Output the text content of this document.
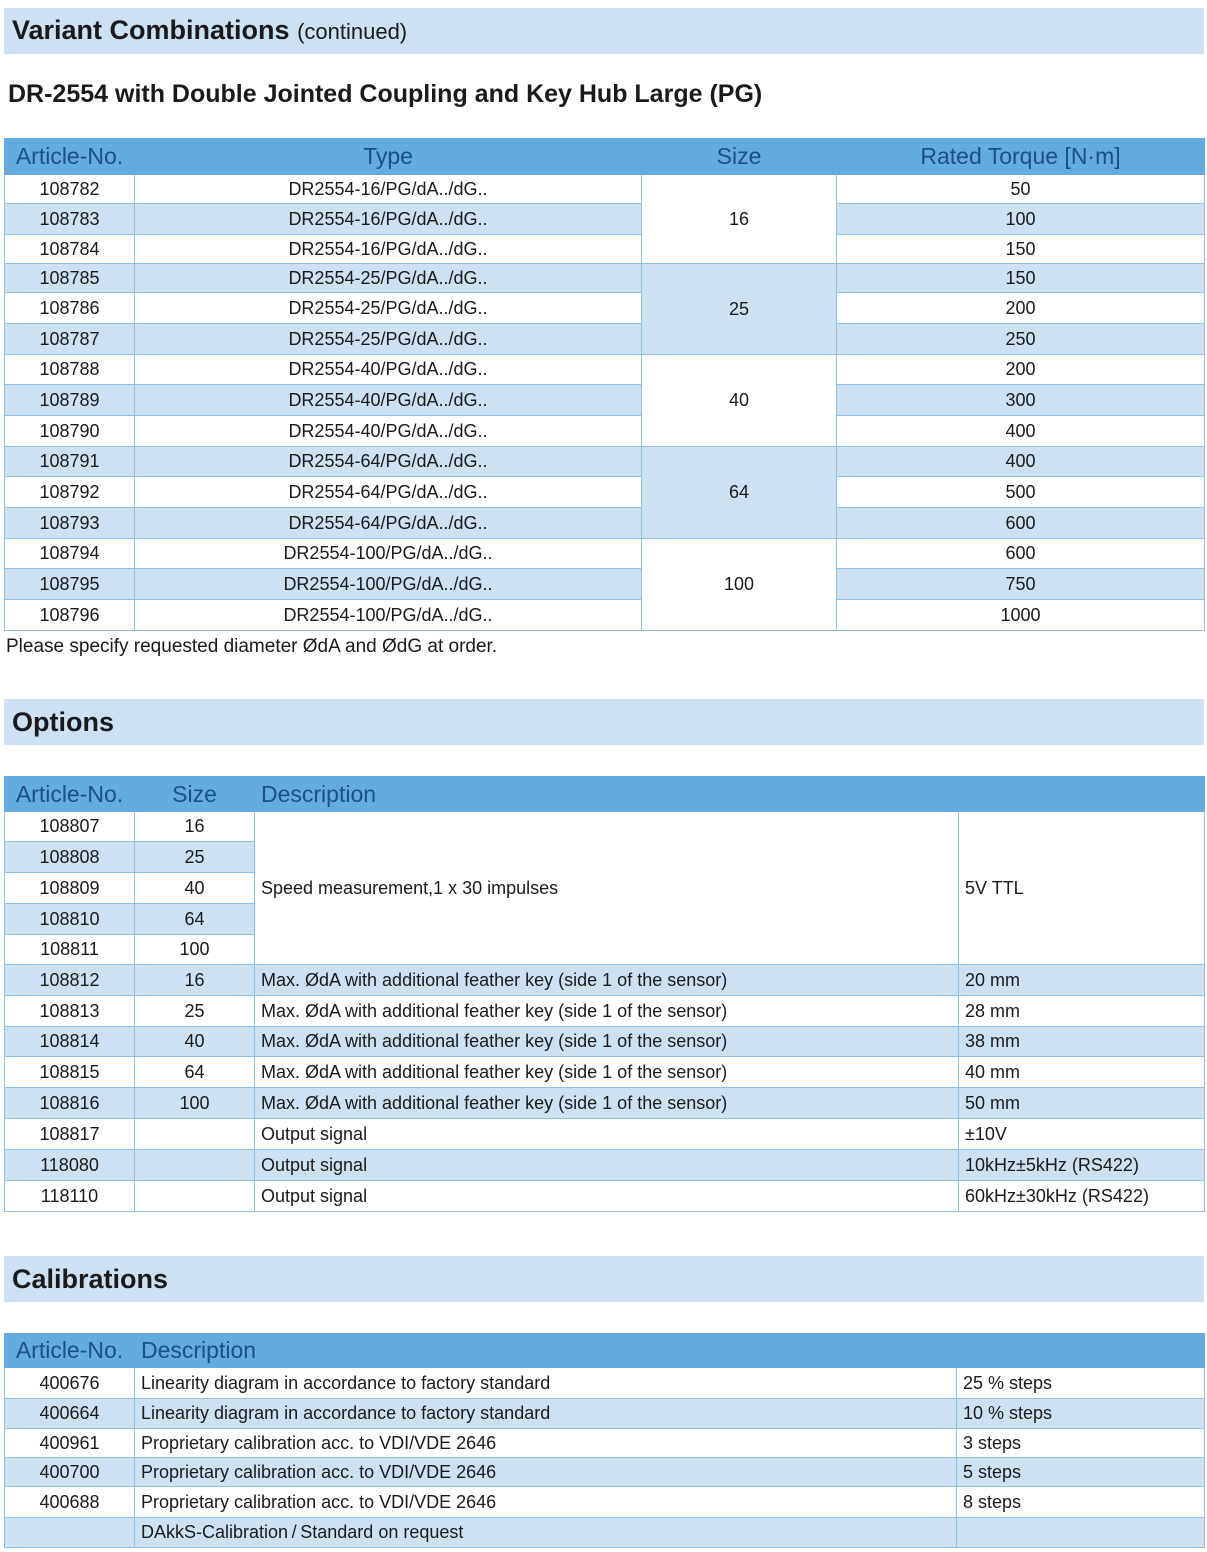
Variant Combinations (continued)
DR-2554 with Double Jointed Coupling and Key Hub Large (PG)
Article-No.	Type	Size	Rated Torque [N·m]
108782	DR2554-16/PG/dA../dG..	16	50
108783	DR2554-16/PG/dA../dG..		100
108784	DR2554-16/PG/dA../dG..		150
108785	DR2554-25/PG/dA../dG..	25	150
108786	DR2554-25/PG/dA../dG..		200
108787	DR2554-25/PG/dA../dG..		250
108788	DR2554-40/PG/dA../dG..	40	200
108789	DR2554-40/PG/dA../dG..		300
108790	DR2554-40/PG/dA../dG..		400
108791	DR2554-64/PG/dA../dG..	64	400
108792	DR2554-64/PG/dA../dG..		500
108793	DR2554-64/PG/dA../dG..		600
108794	DR2554-100/PG/dA../dG..	100	600
108795	DR2554-100/PG/dA../dG..		750
108796	DR2554-100/PG/dA../dG..		1000
Please specify requested diameter ØdA and ØdG at order.
Options
Article-No.	Size	Description	
108807	16	Speed measurement,1 x 30 impulses	5V TTL
108808	25		
108809	40		
108810	64		
108811	100		
108812	16	Max. ØdA with additional feather key (side 1 of the sensor)	20 mm
108813	25	Max. ØdA with additional feather key (side 1 of the sensor)	28 mm
108814	40	Max. ØdA with additional feather key (side 1 of the sensor)	38 mm
108815	64	Max. ØdA with additional feather key (side 1 of the sensor)	40 mm
108816	100	Max. ØdA with additional feather key (side 1 of the sensor)	50 mm
108817		Output signal	±10V
118080		Output signal	10kHz±5kHz (RS422)
118110		Output signal	60kHz±30kHz (RS422)
Calibrations
Article-No.	Description	
400676	Linearity diagram in accordance to factory standard	25 % steps
400664	Linearity diagram in accordance to factory standard	10 % steps
400961	Proprietary calibration acc. to VDI/VDE 2646	3 steps
400700	Proprietary calibration acc. to VDI/VDE 2646	5 steps
400688	Proprietary calibration acc. to VDI/VDE 2646	8 steps
	DAkkS-Calibration / Standard on request	
